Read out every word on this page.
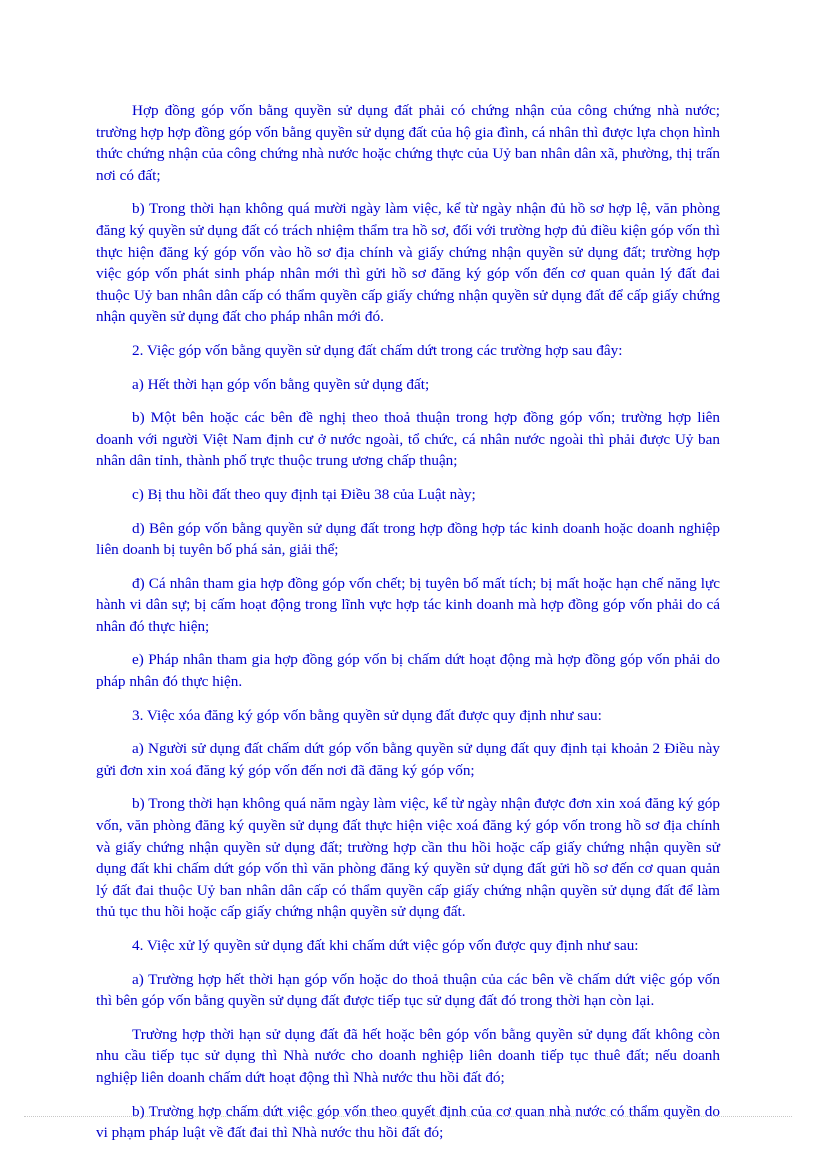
Hợp đồng góp vốn bằng quyền sử dụng đất phải có chứng nhận của công chứng nhà nước; trường hợp hợp đồng góp vốn bằng quyền sử dụng đất của hộ gia đình, cá nhân thì được lựa chọn hình thức chứng nhận của công chứng nhà nước hoặc chứng thực của Uỷ ban nhân dân xã, phường, thị trấn nơi có đất;

b) Trong thời hạn không quá mười ngày làm việc, kể từ ngày nhận đủ hồ sơ hợp lệ, văn phòng đăng ký quyền sử dụng đất có trách nhiệm thẩm tra hồ sơ, đối với trường hợp đủ điều kiện góp vốn thì thực hiện đăng ký góp vốn vào hồ sơ địa chính và giấy chứng nhận quyền sử dụng đất; trường hợp việc góp vốn phát sinh pháp nhân mới thì gửi hồ sơ đăng ký góp vốn đến cơ quan quản lý đất đai thuộc Uỷ ban nhân dân cấp có thẩm quyền cấp giấy chứng nhận quyền sử dụng đất để cấp giấy chứng nhận quyền sử dụng đất cho pháp nhân mới đó.

2. Việc góp vốn bằng quyền sử dụng đất chấm dứt trong các trường hợp sau đây:

a) Hết thời hạn góp vốn bằng quyền sử dụng đất;

b) Một bên hoặc các bên đề nghị theo thoả thuận trong hợp đồng góp vốn; trường hợp liên doanh với người Việt Nam định cư ở nước ngoài, tổ chức, cá nhân nước ngoài thì phải được Uỷ ban nhân dân tỉnh, thành phố trực thuộc trung ương chấp thuận;

c) Bị thu hồi đất theo quy định tại Điều 38 của Luật này;

d) Bên góp vốn bằng quyền sử dụng đất trong hợp đồng hợp tác kinh doanh hoặc doanh nghiệp liên doanh bị tuyên bố phá sản, giải thể;

đ) Cá nhân tham gia hợp đồng góp vốn chết; bị tuyên bố mất tích; bị mất hoặc hạn chế năng lực hành vi dân sự; bị cấm hoạt động trong lĩnh vực hợp tác kinh doanh mà hợp đồng góp vốn phải do cá nhân đó thực hiện;

e) Pháp nhân tham gia hợp đồng góp vốn bị chấm dứt hoạt động mà hợp đồng góp vốn phải do pháp nhân đó thực hiện.

3. Việc xóa đăng ký góp vốn bằng quyền sử dụng đất được quy định như sau:

a) Người sử dụng đất chấm dứt góp vốn bằng quyền sử dụng đất quy định tại khoản 2 Điều này gửi đơn xin xoá đăng ký góp vốn đến nơi đã đăng ký góp vốn;

b) Trong thời hạn không quá năm ngày làm việc, kể từ ngày nhận được đơn xin xoá đăng ký góp vốn, văn phòng đăng ký quyền sử dụng đất thực hiện việc xoá đăng ký góp vốn trong hồ sơ địa chính và giấy chứng nhận quyền sử dụng đất; trường hợp cần thu hồi hoặc cấp giấy chứng nhận quyền sử dụng đất khi chấm dứt góp vốn thì văn phòng đăng ký quyền sử dụng đất gửi hồ sơ đến cơ quan quản lý đất đai thuộc Uỷ ban nhân dân cấp có thẩm quyền cấp giấy chứng nhận quyền sử dụng đất để làm thủ tục thu hồi hoặc cấp giấy chứng nhận quyền sử dụng đất.

4. Việc xử lý quyền sử dụng đất khi chấm dứt việc góp vốn được quy định như sau:

a) Trường hợp hết thời hạn góp vốn hoặc do thoả thuận của các bên về chấm dứt việc góp vốn thì bên góp vốn bằng quyền sử dụng đất được tiếp tục sử dụng đất đó trong thời hạn còn lại.

Trường hợp thời hạn sử dụng đất đã hết hoặc bên góp vốn bằng quyền sử dụng đất không còn nhu cầu tiếp tục sử dụng thì Nhà nước cho doanh nghiệp liên doanh tiếp tục thuê đất; nếu doanh nghiệp liên doanh chấm dứt hoạt động thì Nhà nước thu hồi đất đó;

b) Trường hợp chấm dứt việc góp vốn theo quyết định của cơ quan nhà nước có thẩm quyền do vi phạm pháp luật về đất đai thì Nhà nước thu hồi đất đó;
